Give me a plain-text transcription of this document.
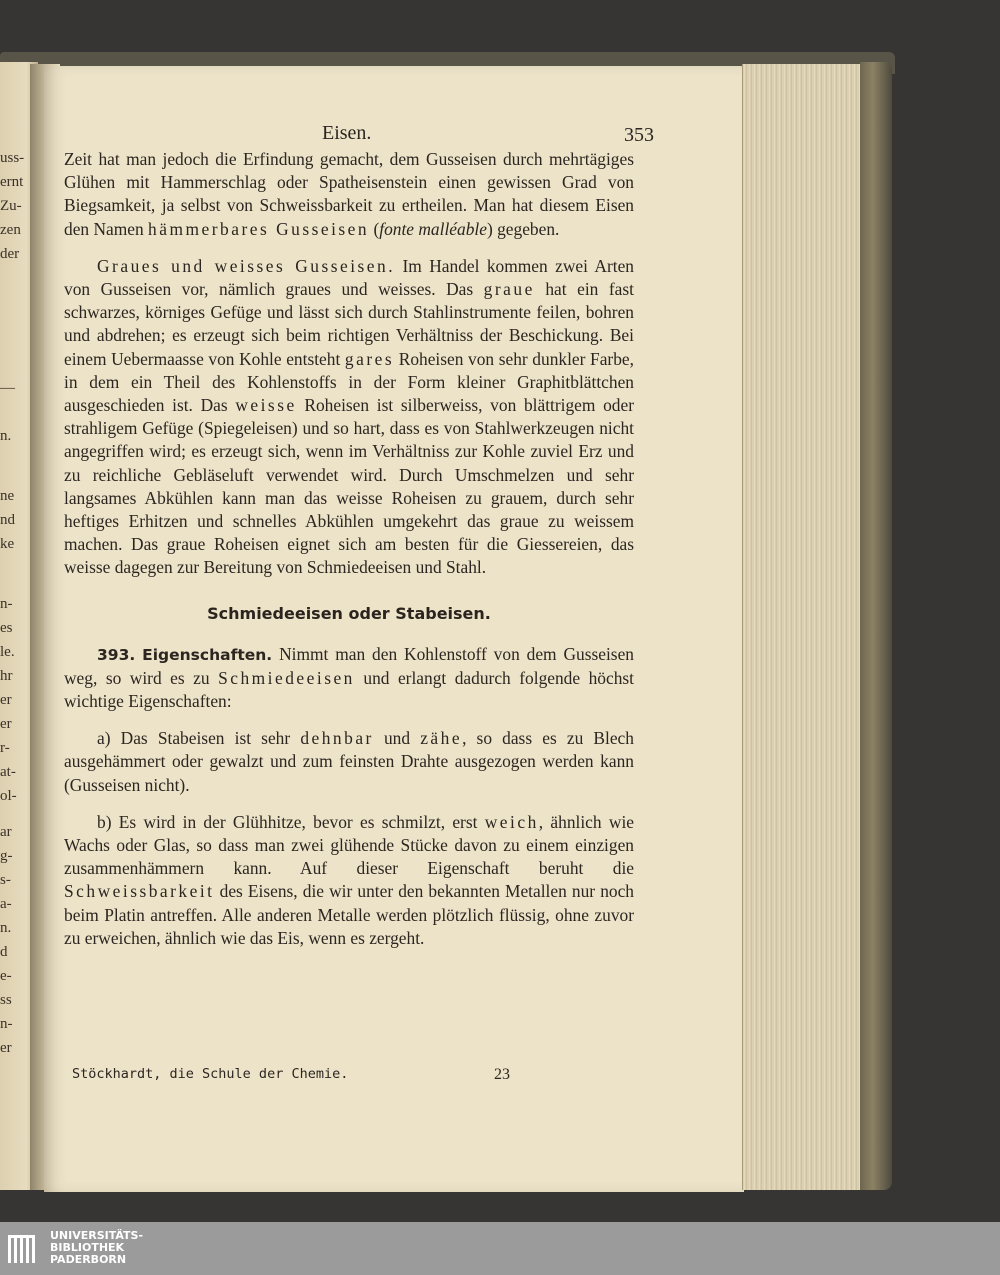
uss-
ernt
Zu-
zen
der
—
n.
ne
nd
ke
n-
es
le.
hr
er
er
r-
at-
ol-
ar
g-
s-
a-
n.
d
e-
ss
n-
er
Eisen.	353

Zeit hat man jedoch die Erfindung gemacht, dem Gusseisen durch mehrtägiges Glühen mit Hammerschlag oder Spatheisenstein einen gewissen Grad von Biegsamkeit, ja selbst von Schweissbarkeit zu ertheilen. Man hat diesem Eisen den Namen hämmerbares Gusseisen (fonte malléable) gegeben.

Graues und weisses Gusseisen. Im Handel kommen zwei Arten von Gusseisen vor, nämlich graues und weisses. Das graue hat ein fast schwarzes, körniges Gefüge und lässt sich durch Stahlinstrumente feilen, bohren und abdrehen; es erzeugt sich beim richtigen Verhältniss der Beschickung. Bei einem Uebermaasse von Kohle entsteht gares Roheisen von sehr dunkler Farbe, in dem ein Theil des Kohlenstoffs in der Form kleiner Graphitblättchen ausgeschieden ist. Das weisse Roheisen ist silberweiss, von blättrigem oder strahligem Gefüge (Spiegeleisen) und so hart, dass es von Stahlwerkzeugen nicht angegriffen wird; es erzeugt sich, wenn im Verhältniss zur Kohle zuviel Erz und zu reichliche Gebläseluft verwendet wird. Durch Umschmelzen und sehr langsames Abkühlen kann man das weisse Roheisen zu grauem, durch sehr heftiges Erhitzen und schnelles Abkühlen umgekehrt das graue zu weissem machen. Das graue Roheisen eignet sich am besten für die Giessereien, das weisse dagegen zur Bereitung von Schmiedeeisen und Stahl.

Schmiedeeisen oder Stabeisen.

393. Eigenschaften. Nimmt man den Kohlenstoff von dem Gusseisen weg, so wird es zu Schmiedeeisen und erlangt dadurch folgende höchst wichtige Eigenschaften:

a) Das Stabeisen ist sehr dehnbar und zähe, so dass es zu Blech ausgehämmert oder gewalzt und zum feinsten Drahte ausgezogen werden kann (Gusseisen nicht).

b) Es wird in der Glühhitze, bevor es schmilzt, erst weich, ähnlich wie Wachs oder Glas, so dass man zwei glühende Stücke davon zu einem einzigen zusammenhämmern kann. Auf dieser Eigenschaft beruht die Schweissbarkeit des Eisens, die wir unter den bekannten Metallen nur noch beim Platin antreffen. Alle anderen Metalle werden plötzlich flüssig, ohne zuvor zu erweichen, ähnlich wie das Eis, wenn es zergeht.

Stöckhardt, die Schule der Chemie.	23
UNIVERSITÄTS-
BIBLIOTHEK
PADERBORN
